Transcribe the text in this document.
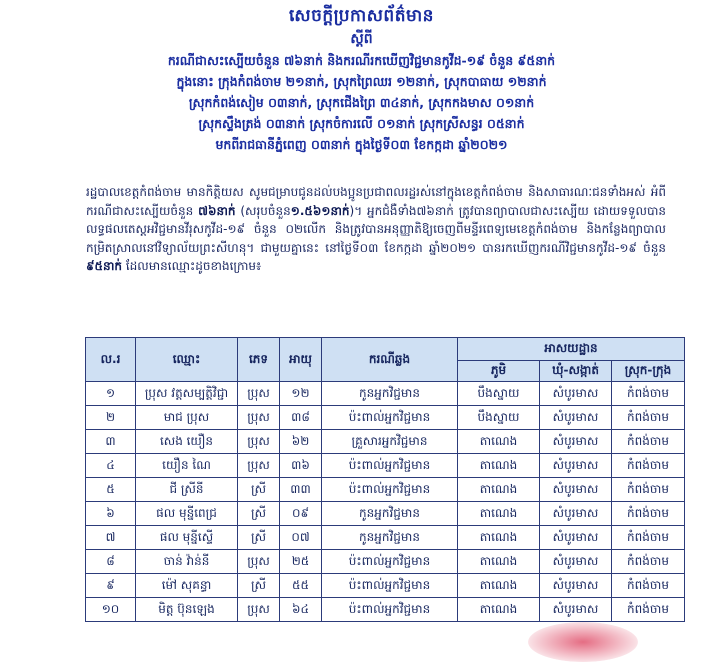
សេចក្តីប្រកាសព័ត៌មាន
ស្តីពី
ករណីជាសះស្បើយចំនួន ៧៦នាក់ និងករណីរកឃើញវិជ្ជមានកូវីដ-១៩ ចំនួន ៩៥នាក់
ក្នុងនោះ ក្រុងកំពង់ចាម ២១នាក់, ស្រុកព្រៃឈរ ១២នាក់, ស្រុកបាធាយ ១២នាក់
ស្រុកកំពង់សៀម ០៣នាក់, ស្រុកជើងព្រៃ ៣៤នាក់, ស្រុកកងមាស ០១នាក់
ស្រុកស្ទឹងត្រង់ ០៣នាក់ ស្រុកចំការលើ ០១នាក់ ស្រុកស្រីសន្ធរ ០៥នាក់
មកពីរាជធានីភ្នំពេញ ០៣នាក់ ក្នុងថ្ងៃទី០៣ ខែកក្កដា ឆ្នាំ២០២១
រដ្ឋបាលខេត្តកំពង់ចាម មានកិត្តិយស សូមជម្រាបជូនដល់បងប្អូនប្រជាពលរដ្ឋរស់នៅក្នុងខេត្តកំពង់ចាម និងសាធារណៈជនទាំងអស់ អំពីករណីជាសះស្បើយចំនួន ៧៦នាក់ (សរុបចំនួន១.៥៦១នាក់)។ អ្នកជំងឺទាំង៧៦នាក់ ត្រូវបានព្យាបាលជាសះស្បើយ ដោយទទួលបានលទ្ធផលតេស្តអវិជ្ជមានវីរុសកូវីដ-១៩ ចំនួន ០២លើក និងត្រូវបានអនុញ្ញាតិឱ្យចេញពីមន្ទីរពេទ្យមេខេត្តកំពង់ចាម និងកន្លែងព្យាបាលកម្រិតស្រាលនៅវិទ្យាល័យព្រះសីហនុ។ ជាមួយគ្នានេះ នៅថ្ងៃទី០៣ ខែកក្កដា ឆ្នាំ២០២១ បានរកឃើញករណីវិជ្ជមានកូវីដ-១៩ ចំនួន ៩៥នាក់ ដែលមានឈ្មោះដូចខាងក្រោម៖
ល.រ	ឈ្មោះ	ភេទ	អាយុ	ករណីឆ្លង	អាសយដ្ឋាន		
					ភូមិ	ឃុំ-សង្កាត់	ស្រុក-ក្រុង
១	ប្រុស វត្តសម្បត្តិវិជ្ជា	ប្រុស	១២	កូនអ្នកវិជ្ជមាន	បឹងស្នាយ	សំបូរមាស	កំពង់ចាម
២	មាជ ប្រុស	ប្រុស	៣៨	ប៉ះពាល់អ្នកវិជ្ជមាន	បឹងស្នាយ	សំបូរមាស	កំពង់ចាម
៣	សេង យឿន	ប្រុស	៦២	គ្រួសារអ្នកវិជ្ជមាន	តាណេង	សំបូរមាស	កំពង់ចាម
៤	យឿន ណៃ	ប្រុស	៣៦	ប៉ះពាល់អ្នកវិជ្ជមាន	តាណេង	សំបូរមាស	កំពង់ចាម
៥	ជី ស្រីនី	ស្រី	៣៣	ប៉ះពាល់អ្នកវិជ្ជមាន	តាណេង	សំបូរមាស	កំពង់ចាម
៦	ផល មុន្នីពេជ្រ	ស្រី	០៩	កូនអ្នកវិជ្ជមាន	តាណេង	សំបូរមាស	កំពង់ចាម
៧	ផល មុន្នីស្ទើ	ស្រី	០៧	កូនអ្នកវិជ្ជមាន	តាណេង	សំបូរមាស	កំពង់ចាម
៨	ចាន់ វ៉ាន់នី	ប្រុស	២៥	ប៉ះពាល់អ្នកវិជ្ជមាន	តាណេង	សំបូរមាស	កំពង់ចាម
៩	ម៉ៅ សុគន្ធា	ស្រី	៥៥	ប៉ះពាល់អ្នកវិជ្ជមាន	តាណេង	សំបូរមាស	កំពង់ចាម
១០	មិត្ត ប៊ុនឡេង	ប្រុស	៦៤	ប៉ះពាល់អ្នកវិជ្ជមាន	តាណេង	សំបូរមាស	កំពង់ចាម
